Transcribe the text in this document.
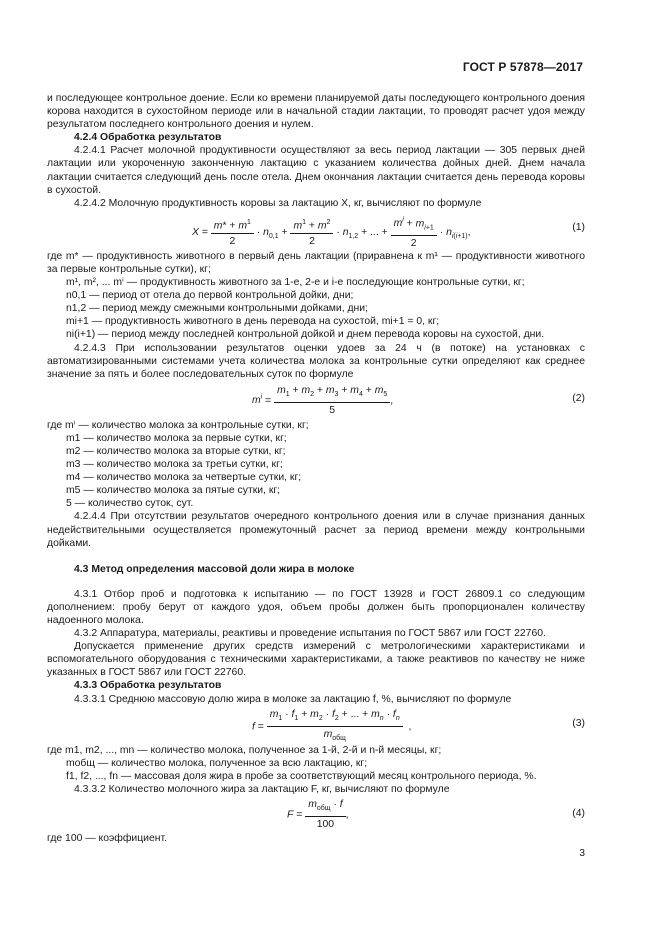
ГОСТ Р 57878—2017

и последующее контрольное доение. Если ко времени планируемой даты последующего контрольного доения корова находится в сухостойном периоде или в начальной стадии лактации, то проводят расчет удоя между результатом последнего контрольного доения и нулем.

4.2.4 Обработка результатов

4.2.4.1 Расчет молочной продуктивности осуществляют за весь период лактации — 305 первых дней лактации или укороченную законченную лактацию с указанием количества дойных дней. Днем начала лактации считается следующий день после отела. Днем окончания лактации считается день перевода коровы в сухостой.

4.2.4.2 Молочную продуктивность коровы за лактацию X, кг, вычисляют по формуле

$X = \frac{m* + m^1}{2} \cdot n_{0,1} + \frac{m^1 + m^2}{2} \cdot n_{1,2}$ + ... + $\frac{m^i + m_{i+1}}{2} \cdot n_{i(i+1)}$,	(1)

где m* — продуктивность животного в первый день лактации (приравнена к m¹ — продуктивности животного за первые контрольные сутки), кг;

m¹, m², ... mⁱ — продуктивность животного за 1-е, 2-е и i-е последующие контрольные сутки, кг;

n0,1 — период от отела до первой контрольной дойки, дни;

n1,2 — период между смежными контрольными дойками, дни;

mi+1 — продуктивность животного в день перевода на сухостой, mi+1 = 0, кг;

ni(i+1) — период между последней контрольной дойкой и днем перевода коровы на сухостой, дни.

4.2.4.3 При использовании результатов оценки удоев за 24 ч (в потоке) на установках с автоматизированными системами учета количества молока за контрольные сутки определяют как среднее значение за пять и более последовательных суток по формуле

$m^i = \frac{m_1 + m_2 + m_3 + m_4 + m_5}{5}$ ,	(2)

где mⁱ — количество молока за контрольные сутки, кг;

m1 — количество молока за первые сутки, кг;

m2 — количество молока за вторые сутки, кг;

m3 — количество молока за третьи сутки, кг;

m4 — количество молока за четвертые сутки, кг;

m5 — количество молока за пятые сутки, кг;

5 — количество суток, сут.

4.2.4.4 При отсутствии результатов очередного контрольного доения или в случае признания данных недействительными осуществляется промежуточный расчет за период времени между контрольными дойками.

4.3 Метод определения массовой доли жира в молоке

4.3.1 Отбор проб и подготовка к испытанию — по ГОСТ 13928 и ГОСТ 26809.1 со следующим дополнением: пробу берут от каждого удоя, объем пробы должен быть пропорционален количеству надоенного молока.

4.3.2 Аппаратура, материалы, реактивы и проведение испытания по ГОСТ 5867 или ГОСТ 22760.

Допускается применение других средств измерений с метрологическими характеристиками и вспомогательного оборудования с техническими характеристиками, а также реактивов по качеству не ниже указанных в ГОСТ 5867 или ГОСТ 22760.

4.3.3 Обработка результатов

4.3.3.1 Среднюю массовую долю жира в молоке за лактацию f, %, вычисляют по формуле

$f = \frac{m_1 \cdot f_1 + m_2 \cdot f_2 + ... + m_n \cdot f_n}{m_{общ}}$ ,	(3)

где m1, m2, ..., mn — количество молока, полученное за 1-й, 2-й и n-й месяцы, кг;

mобщ — количество молока, полученное за всю лактацию, кг;

f1, f2, ..., fn — массовая доля жира в пробе за соответствующий месяц контрольного периода, %.

4.3.3.2 Количество молочного жира за лактацию F, кг, вычисляют по формуле

$F = \frac{m_{общ} \cdot f}{100}$ ,	(4)

где 100 — коэффициент.

3
